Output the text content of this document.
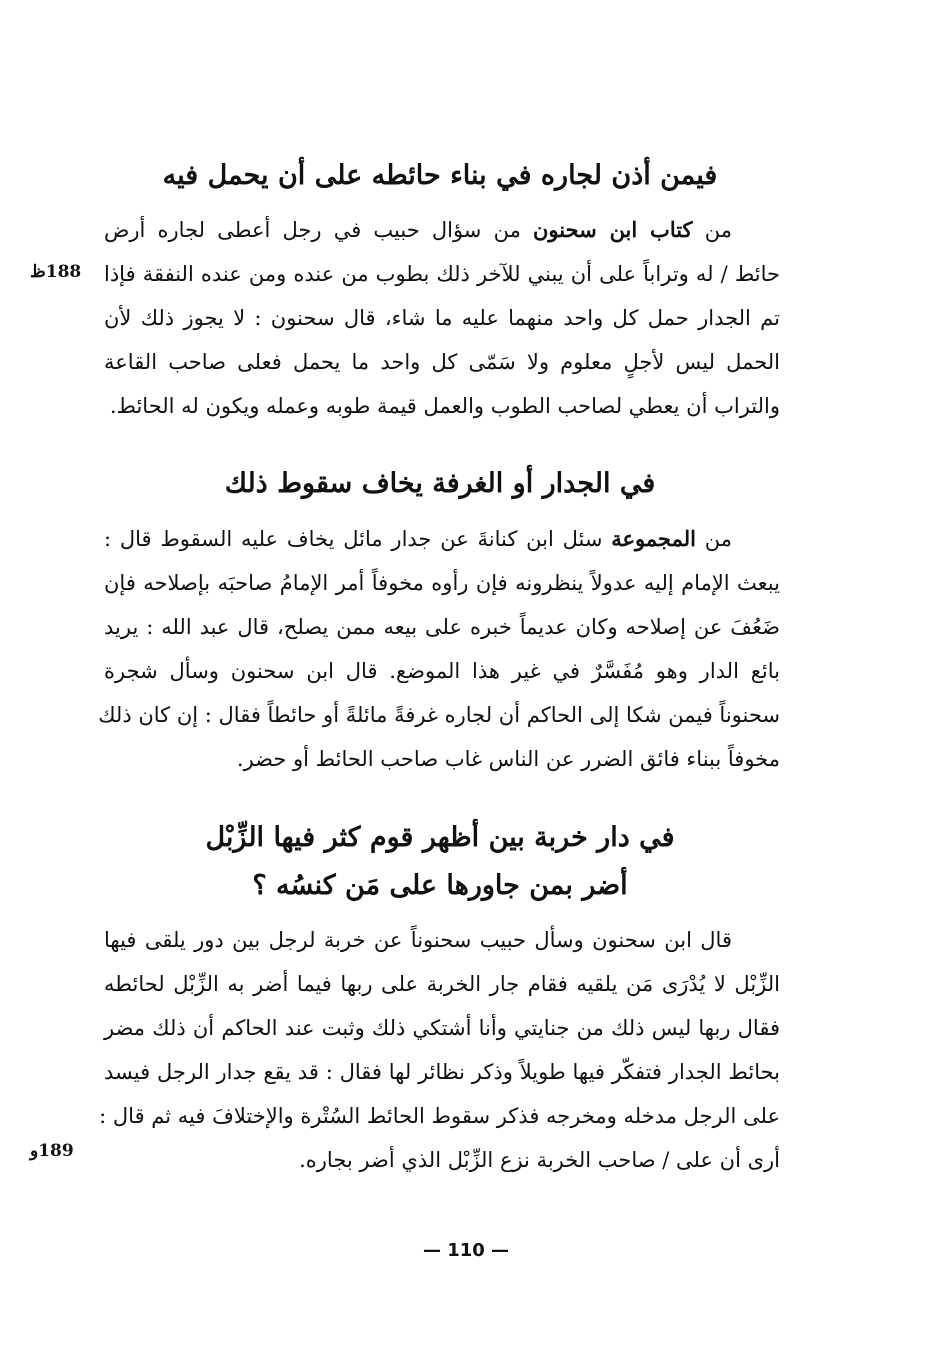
فيمن أذن لجاره في بناء حائطه على أن يحمل فيه
من كتاب ابن سحنون من سؤال حبيب في رجل أعطى لجاره أرض
حائط / له وتراباً على أن يبني للآخر ذلك بطوب من عنده ومن عنده النفقة فإذا
تم الجدار حمل كل واحد منهما عليه ما شاء، قال سحنون : لا يجوز ذلك لأن
الحمل ليس لأجلٍ معلوم ولا سَمّى كل واحد ما يحمل فعلى صاحب القاعة
والتراب أن يعطي لصاحب الطوب والعمل قيمة طوبه وعمله ويكون له الحائط.
188ظ
في الجدار أو الغرفة يخاف سقوط ذلك
من المجموعة سئل ابن كنانةَ عن جدار مائل يخاف عليه السقوط قال :
يبعث الإمام إليه عدولاً ينظرونه فإن رأوه مخوفاً أمر الإمامُ صاحبَه بإصلاحه فإن
ضَعُفَ عن إصلاحه وكان عديماً خبره على بيعه ممن يصلح، قال عبد الله : يريد
بائع الدار وهو مُفَسَّرٌ في غير هذا الموضع. قال ابن سحنون وسأل شجرة
سحنوناً فيمن شكا إلى الحاكم أن لجاره غرفةً مائلةً أو حائطاً فقال : إن كان ذلك
مخوفاً ببناء فائق الضرر عن الناس غاب صاحب الحائط أو حضر.
في دار خربة بين أظهر قوم كثر فيها الزِّبْل
أضر بمن جاورها على مَن كنسُه ؟
قال ابن سحنون وسأل حبيب سحنوناً عن خربة لرجل بين دور يلقى فيها
الزِّبْل لا يُدْرَى مَن يلقيه فقام جار الخربة على ربها فيما أضر به الزِّبْل لحائطه
فقال ربها ليس ذلك من جنايتي وأنا أشتكي ذلك وثبت عند الحاكم أن ذلك مضر
بحائط الجدار فتفكّر فيها طويلاً وذكر نظائر لها فقال : قد يقع جدار الرجل فيسد
على الرجل مدخله ومخرجه فذكر سقوط الحائط السُتْرة والإختلافَ فيه ثم قال :
أرى أن على / صاحب الخربة نزع الزِّبْل الذي أضر بجاره.
189و
— 110 —
